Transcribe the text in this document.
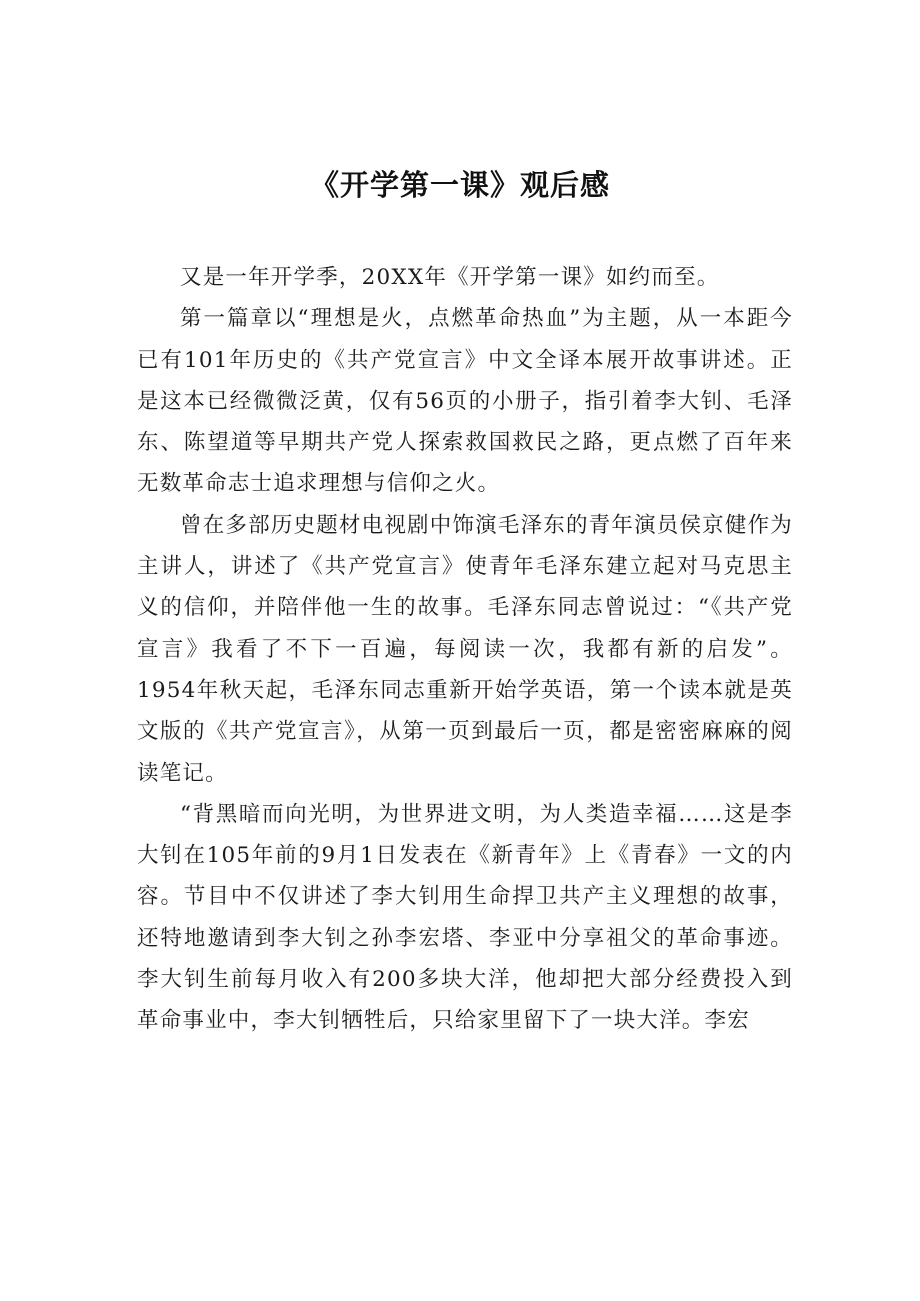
《开学第一课》观后感

又是一年开学季，20XX年《开学第一课》如约而至。

第一篇章以“理想是火，点燃革命热血”为主题，从一本距今已有101年历史的《共产党宣言》中文全译本展开故事讲述。正是这本已经微微泛黄，仅有56页的小册子，指引着李大钊、毛泽东、陈望道等早期共产党人探索救国救民之路，更点燃了百年来无数革命志士追求理想与信仰之火。

曾在多部历史题材电视剧中饰演毛泽东的青年演员侯京健作为主讲人，讲述了《共产党宣言》使青年毛泽东建立起对马克思主义的信仰，并陪伴他一生的故事。毛泽东同志曾说过：“《共产党宣言》我看了不下一百遍，每阅读一次，我都有新的启发”。1954年秋天起，毛泽东同志重新开始学英语，第一个读本就是英文版的《共产党宣言》，从第一页到最后一页，都是密密麻麻的阅读笔记。

“背黑暗而向光明，为世界进文明，为人类造幸福……这是李大钊在105年前的9月1日发表在《新青年》上《青春》一文的内容。节目中不仅讲述了李大钊用生命捍卫共产主义理想的故事，还特地邀请到李大钊之孙李宏塔、李亚中分享祖父的革命事迹。李大钊生前每月收入有200多块大洋，他却把大部分经费投入到革命事业中，李大钊牺牲后，只给家里留下了一块大洋。李宏
